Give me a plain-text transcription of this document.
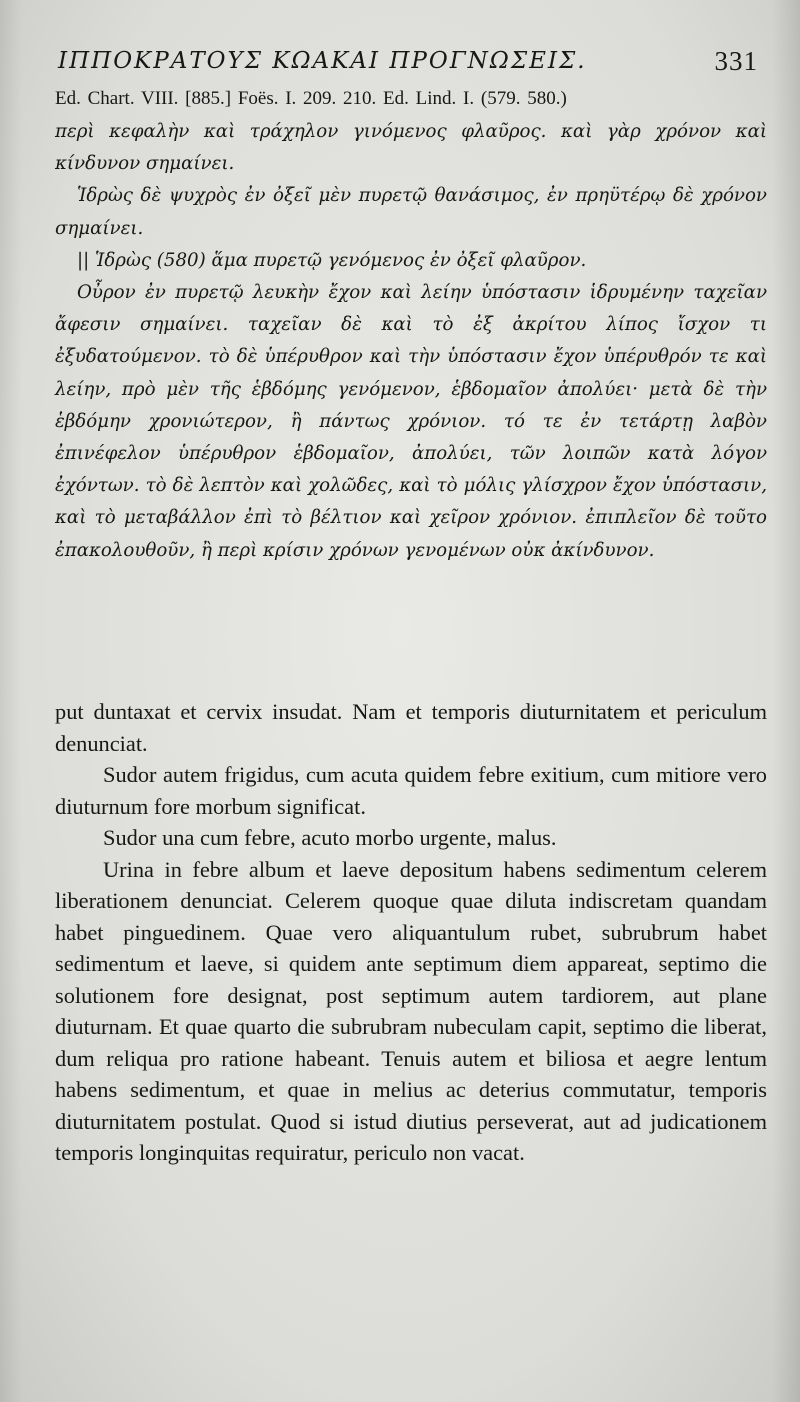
ΙΠΠΟΚΡΑΤΟΥΣ ΚΩΑΚΑΙ ΠΡΟΓΝΩΣΕΙΣ.	331
Ed. Chart. VIII. [885.] Foës. I. 209. 210. Ed. Lind. I. (579. 580.)

περὶ κεφαλὴν καὶ τράχηλον γινόμενος φλαῦρος. καὶ γὰρ χρόνον καὶ κίνδυνον σημαίνει.

Ἱδρὼς δὲ ψυχρὸς ἐν ὀξεῖ μὲν πυρετῷ θανάσιμος, ἐν πρηϋτέρῳ δὲ χρόνον σημαίνει.

|| Ἱδρὼς (580) ἅμα πυρετῷ γενόμενος ἐν ὀξεῖ φλαῦρον.

Οὖρον ἐν πυρετῷ λευκὴν ἔχον καὶ λείην ὑπόστασιν ἱδρυμένην ταχεῖαν ἄφεσιν σημαίνει. ταχεῖαν δὲ καὶ τὸ ἐξ ἀκρίτου λίπος ἴσχον τι ἐξυδατούμενον. τὸ δὲ ὑπέρυθρον καὶ τὴν ὑπόστασιν ἔχον ὑπέρυθρόν τε καὶ λείην, πρὸ μὲν τῆς ἑβδόμης γενόμενον, ἑβδομαῖον ἀπολύει· μετὰ δὲ τὴν ἑβδόμην χρονιώτερον, ἢ πάντως χρόνιον. τό τε ἐν τετάρτῃ λαβὸν ἐπινέφελον ὑπέρυθρον ἑβδομαῖον, ἀπολύει, τῶν λοιπῶν κατὰ λόγον ἐχόντων. τὸ δὲ λεπτὸν καὶ χολῶδες, καὶ τὸ μόλις γλίσχρον ἔχον ὑπόστασιν, καὶ τὸ μεταβάλλον ἐπὶ τὸ βέλτιον καὶ χεῖρον χρόνιον. ἐπιπλεῖον δὲ τοῦτο ἐπακολουθοῦν, ἢ περὶ κρίσιν χρόνων γενομένων οὐκ ἀκίνδυνον.

put duntaxat et cervix insudat. Nam et temporis diuturnitatem et periculum denunciat.

Sudor autem frigidus, cum acuta quidem febre exitium, cum mitiore vero diuturnum fore morbum significat.

Sudor una cum febre, acuto morbo urgente, malus.

Urina in febre album et laeve depositum habens sedimentum celerem liberationem denunciat. Celerem quoque quae diluta indiscretam quandam habet pinguedinem. Quae vero aliquantulum rubet, subrubrum habet sedimentum et laeve, si quidem ante septimum diem appareat, septimo die solutionem fore designat, post septimum autem tardiorem, aut plane diuturnam. Et quae quarto die subrubram nubeculam capit, septimo die liberat, dum reliqua pro ratione habeant. Tenuis autem et biliosa et aegre lentum habens sedimentum, et quae in melius ac deterius commutatur, temporis diuturnitatem postulat. Quod si istud diutius perseverat, aut ad judicationem temporis longinquitas requiratur, periculo non vacat.
